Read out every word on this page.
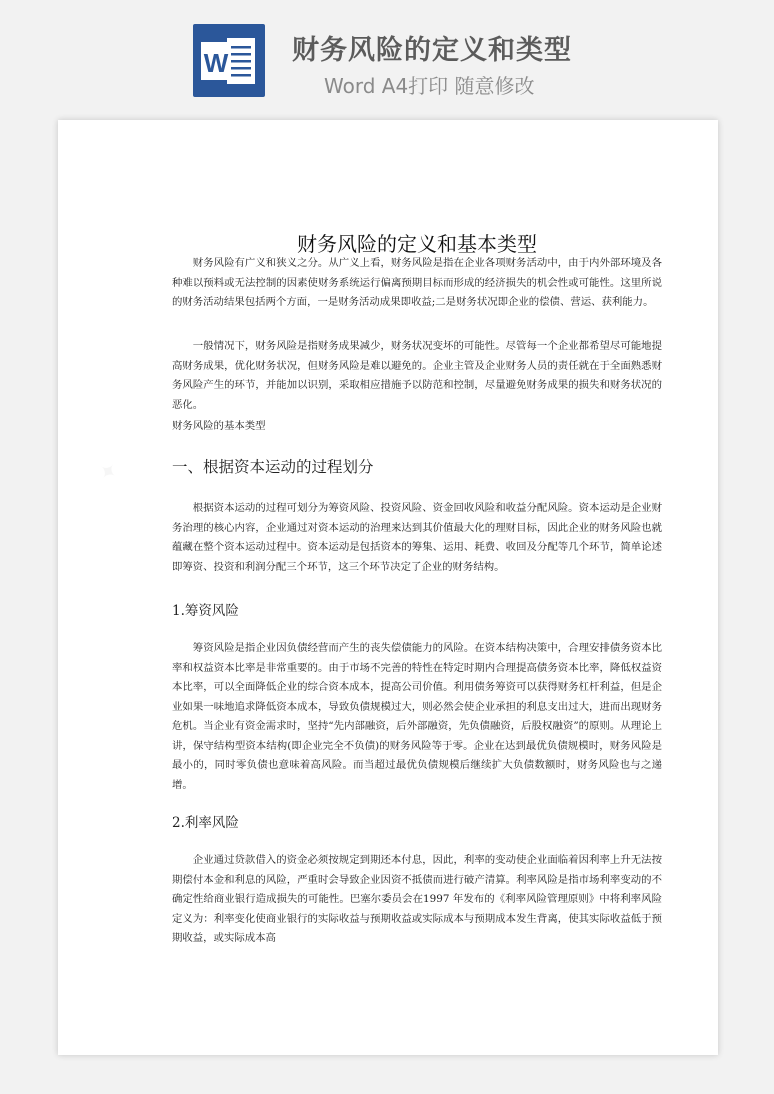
W 财务风险的定义和类型
Word A4打印 随意修改
✦
财务风险的定义和基本类型

财务风险有广义和狭义之分。从广义上看，财务风险是指在企业各项财务活动中，由于内外部环境及各种难以预料或无法控制的因素使财务系统运行偏离预期目标而形成的经济损失的机会性或可能性。这里所说的财务活动结果包括两个方面，一是财务活动成果即收益;二是财务状况即企业的偿债、营运、获利能力。

一般情况下，财务风险是指财务成果减少，财务状况变坏的可能性。尽管每一个企业都希望尽可能地提高财务成果，优化财务状况，但财务风险是难以避免的。企业主管及企业财务人员的责任就在于全面熟悉财务风险产生的环节，并能加以识别，采取相应措施予以防范和控制，尽量避免财务成果的损失和财务状况的恶化。

财务风险的基本类型

一、根据资本运动的过程划分

根据资本运动的过程可划分为筹资风险、投资风险、资金回收风险和收益分配风险。资本运动是企业财务治理的核心内容，企业通过对资本运动的治理来达到其价值最大化的理财目标，因此企业的财务风险也就蕴藏在整个资本运动过程中。资本运动是包括资本的筹集、运用、耗费、收回及分配等几个环节，简单论述即筹资、投资和利润分配三个环节，这三个环节决定了企业的财务结构。

1.筹资风险

筹资风险是指企业因负债经营而产生的丧失偿债能力的风险。在资本结构决策中，合理安排债务资本比率和权益资本比率是非常重要的。由于市场不完善的特性在特定时期内合理提高债务资本比率，降低权益资本比率，可以全面降低企业的综合资本成本，提高公司价值。利用债务筹资可以获得财务杠杆利益，但是企业如果一味地追求降低资本成本，导致负债规模过大，则必然会使企业承担的利息支出过大，进而出现财务危机。当企业有资金需求时，坚持“先内部融资，后外部融资，先负债融资，后股权融资”的原则。从理论上讲，保守结构型资本结构(即企业完全不负债)的财务风险等于零。企业在达到最优负债规模时，财务风险是最小的，同时零负债也意味着高风险。而当超过最优负债规模后继续扩大负债数额时，财务风险也与之递增。

2.利率风险

企业通过贷款借入的资金必须按规定到期还本付息，因此，利率的变动使企业面临着因利率上升无法按期偿付本金和利息的风险，严重时会导致企业因资不抵债而进行破产清算。利率风险是指市场利率变动的不确定性给商业银行造成损失的可能性。巴塞尔委员会在1997 年发布的《利率风险管理原则》中将利率风险定义为：利率变化使商业银行的实际收益与预期收益或实际成本与预期成本发生背离，使其实际收益低于预期收益，或实际成本高
